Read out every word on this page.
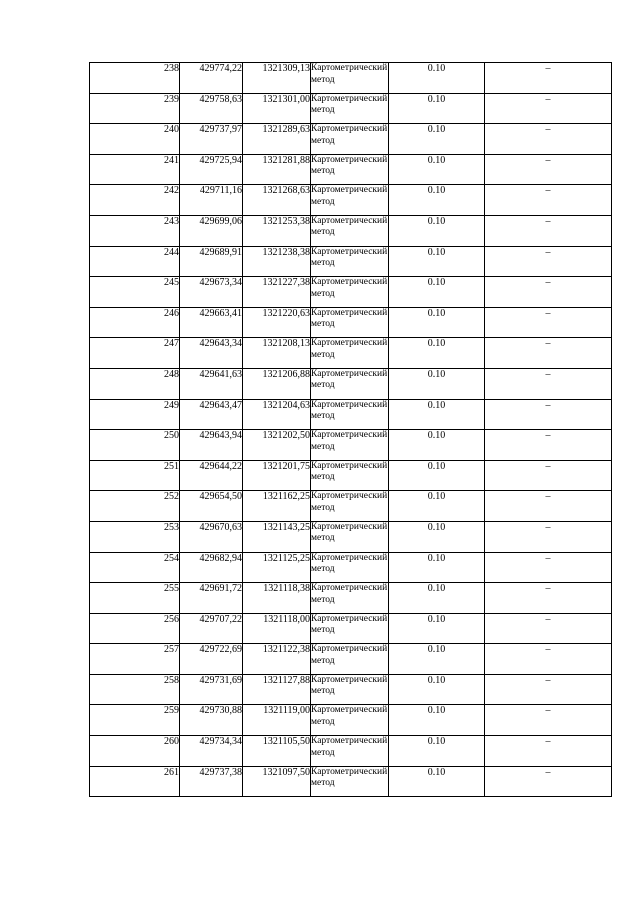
238	429774,22	1321309,13	Картометрический метод	0.10	–
239	429758,63	1321301,00	Картометрический метод	0.10	–
240	429737,97	1321289,63	Картометрический метод	0.10	–
241	429725,94	1321281,88	Картометрический метод	0.10	–
242	429711,16	1321268,63	Картометрический метод	0.10	–
243	429699,06	1321253,38	Картометрический метод	0.10	–
244	429689,91	1321238,38	Картометрический метод	0.10	–
245	429673,34	1321227,38	Картометрический метод	0.10	–
246	429663,41	1321220,63	Картометрический метод	0.10	–
247	429643,34	1321208,13	Картометрический метод	0.10	–
248	429641,63	1321206,88	Картометрический метод	0.10	–
249	429643,47	1321204,63	Картометрический метод	0.10	–
250	429643,94	1321202,50	Картометрический метод	0.10	–
251	429644,22	1321201,75	Картометрический метод	0.10	–
252	429654,50	1321162,25	Картометрический метод	0.10	–
253	429670,63	1321143,25	Картометрический метод	0.10	–
254	429682,94	1321125,25	Картометрический метод	0.10	–
255	429691,72	1321118,38	Картометрический метод	0.10	–
256	429707,22	1321118,00	Картометрический метод	0.10	–
257	429722,69	1321122,38	Картометрический метод	0.10	–
258	429731,69	1321127,88	Картометрический метод	0.10	–
259	429730,88	1321119,00	Картометрический метод	0.10	–
260	429734,34	1321105,50	Картометрический метод	0.10	–
261	429737,38	1321097,50	Картометрический метод	0.10	–
